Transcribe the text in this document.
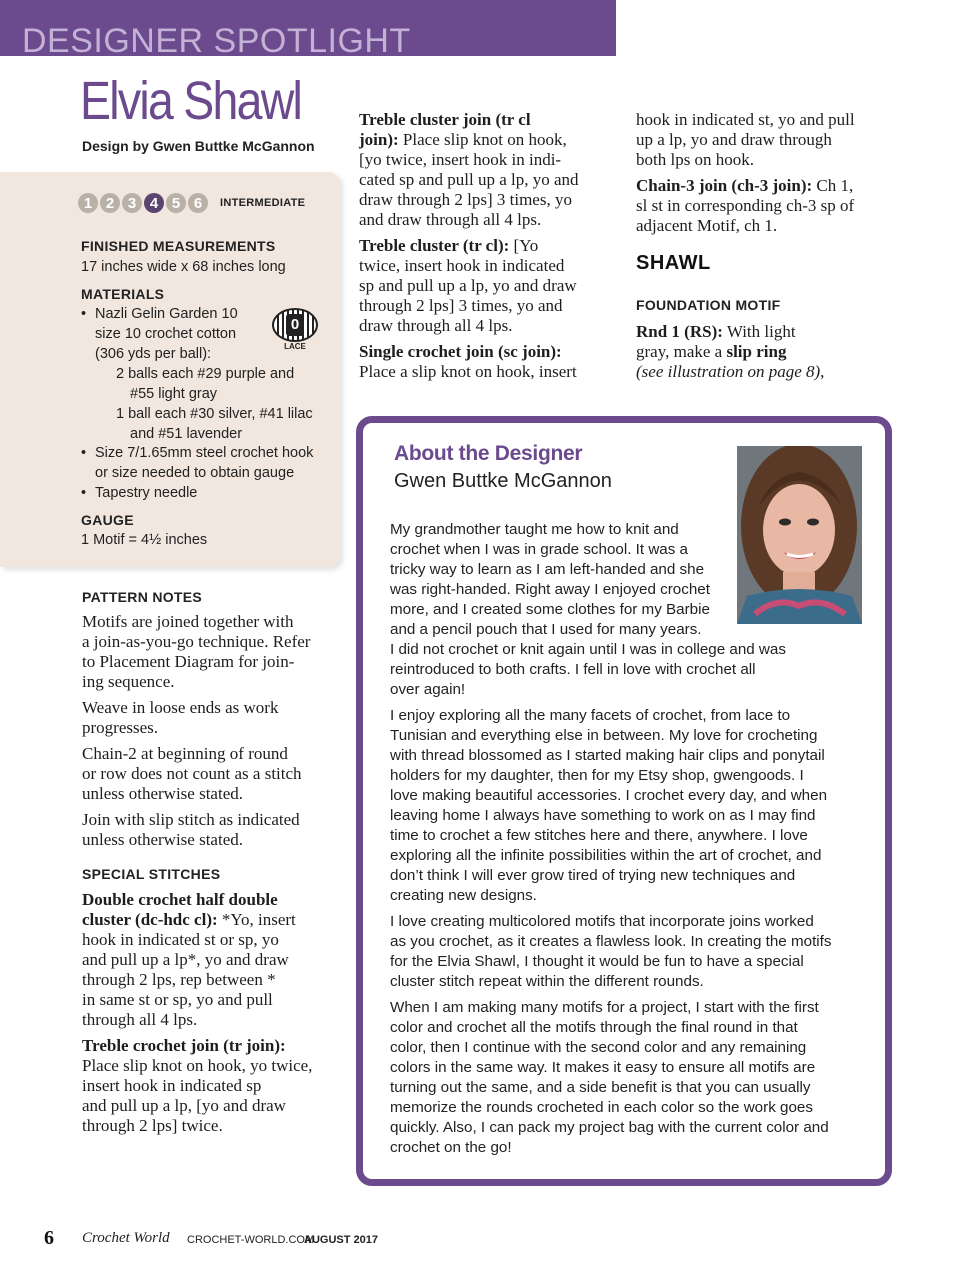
DESIGNER SPOTLIGHT
Elvia Shawl
Design by Gwen Buttke McGannon
1 2 3 4 5 6	INTERMEDIATE
FINISHED MEASUREMENTS
17 inches wide x 68 inches long
MATERIALS
• Nazli Gelin Garden 10
size 10 crochet cotton
(306 yds per ball):
2 balls each #29 purple and
#55 light gray
1 ball each #30 silver, #41 lilac
and #51 lavender
• Size 7/1.65mm steel crochet hook
or size needed to obtain gauge
• Tapestry needle
0
LACE
GAUGE
1 Motif = 4½ inches
PATTERN NOTES

Motifs are joined together with
a join-as-you-go technique. Refer
to Placement Diagram for join-
ing sequence.

Weave in loose ends as work
progresses.

Chain-2 at beginning of round
or row does not count as a stitch
unless otherwise stated.

Join with slip stitch as indicated
unless otherwise stated.

SPECIAL STITCHES

Double crochet half double
cluster (dc-hdc cl): *Yo, insert
hook in indicated st or sp, yo
and pull up a lp*, yo and draw
through 2 lps, rep between *
in same st or sp, yo and pull
through all 4 lps.

Treble crochet join (tr join):
Place slip knot on hook, yo twice,
insert hook in indicated sp
and pull up a lp, [yo and draw
through 2 lps] twice.

Treble cluster join (tr cl
join): Place slip knot on hook,
[yo twice, insert hook in indi-
cated sp and pull up a lp, yo and
draw through 2 lps] 3 times, yo
and draw through all 4 lps.

Treble cluster (tr cl): [Yo
twice, insert hook in indicated
sp and pull up a lp, yo and draw
through 2 lps] 3 times, yo and
draw through all 4 lps.

Single crochet join (sc join):
Place a slip knot on hook, insert

hook in indicated st, yo and pull
up a lp, yo and draw through
both lps on hook.

Chain-3 join (ch-3 join): Ch 1,
sl st in corresponding ch-3 sp of
adjacent Motif, ch 1.

SHAWL
FOUNDATION MOTIF
Rnd 1 (RS): With light
gray, make a slip ring
(see illustration on page 8),
About the Designer
Gwen Buttke McGannon

My grandmother taught me how to knit and
crochet when I was in grade school. It was a
tricky way to learn as I am left-handed and she
was right-handed. Right away I enjoyed crochet
more, and I created some clothes for my Barbie
and a pencil pouch that I used for many years.
I did not crochet or knit again until I was in college and was
reintroduced to both crafts. I fell in love with crochet all
over again!

I enjoy exploring all the many facets of crochet, from lace to
Tunisian and everything else in between. My love for crocheting
with thread blossomed as I started making hair clips and ponytail
holders for my daughter, then for my Etsy shop, gwengoods. I
love making beautiful accessories. I crochet every day, and when
leaving home I always have something to work on as I may find
time to crochet a few stitches here and there, anywhere. I love
exploring all the infinite possibilities within the art of crochet, and
don’t think I will ever grow tired of trying new techniques and
creating new designs.

I love creating multicolored motifs that incorporate joins worked
as you crochet, as it creates a flawless look. In creating the motifs
for the Elvia Shawl, I thought it would be fun to have a special
cluster stitch repeat within the different rounds.

When I am making many motifs for a project, I start with the first
color and crochet all the motifs through the final round in that
color, then I continue with the second color and any remaining
colors in the same way. It makes it easy to ensure all motifs are
turning out the same, and a side benefit is that you can usually
memorize the rounds crocheted in each color so the work goes
quickly. Also, I can pack my project bag with the current color and
crochet on the go!

6 Crochet World CROCHET-WORLD.COM
AUGUST 2017
